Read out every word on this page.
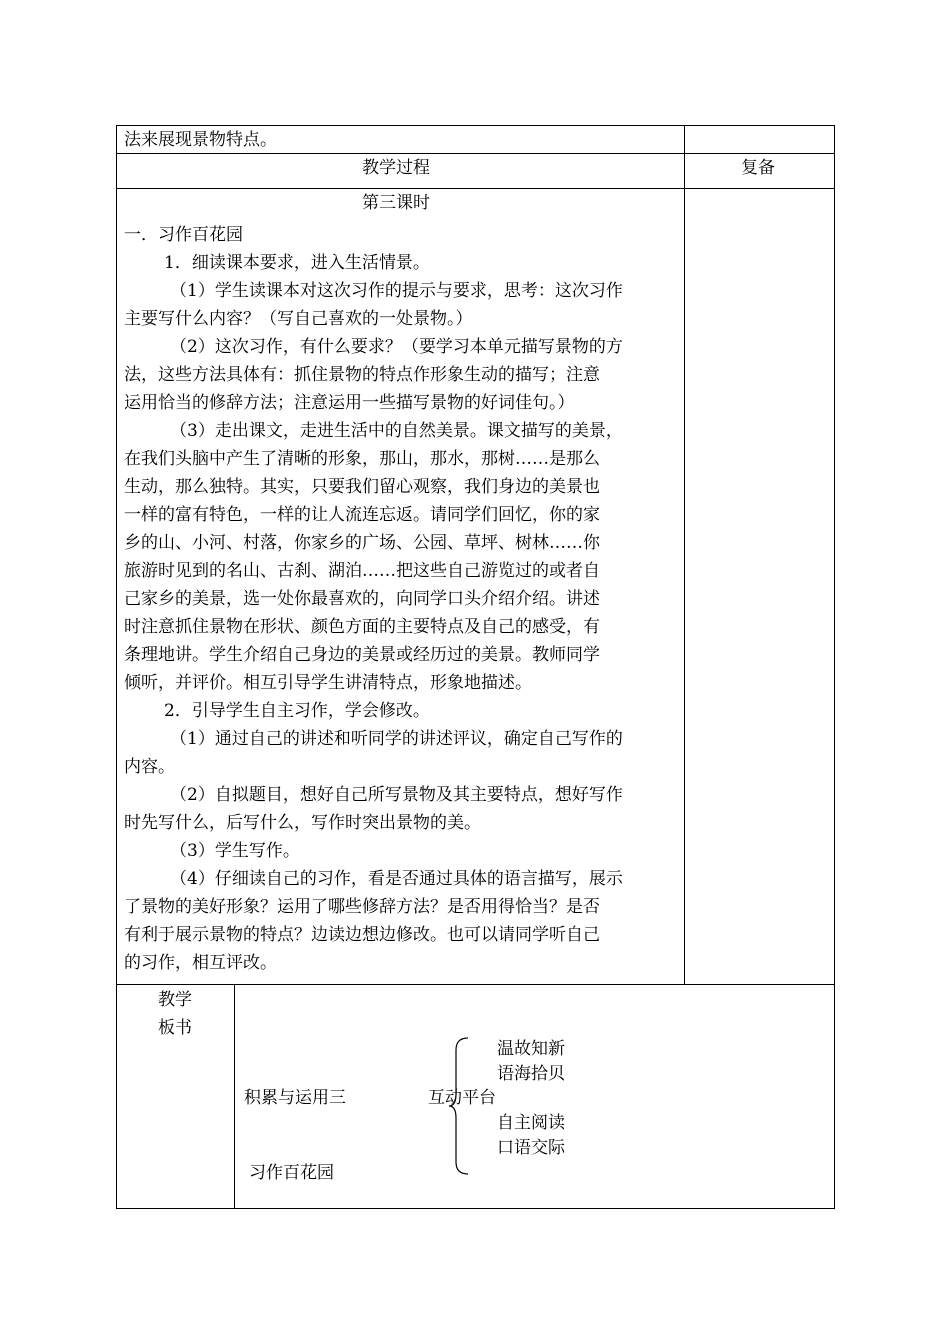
法来展现景物特点。
教学过程	复备
第三课时
一．习作百花园
1．细读课本要求，进入生活情景。
（1）学生读课本对这次习作的提示与要求，思考：这次习作
主要写什么内容？（写自己喜欢的一处景物。）
（2）这次习作，有什么要求？（要学习本单元描写景物的方
法，这些方法具体有：抓住景物的特点作形象生动的描写；注意
运用恰当的修辞方法；注意运用一些描写景物的好词佳句。）
（3）走出课文，走进生活中的自然美景。课文描写的美景，
在我们头脑中产生了清晰的形象，那山，那水，那树……是那么
生动，那么独特。其实，只要我们留心观察，我们身边的美景也
一样的富有特色，一样的让人流连忘返。请同学们回忆，你的家
乡的山、小河、村落，你家乡的广场、公园、草坪、树林……你
旅游时见到的名山、古刹、湖泊……把这些自己游览过的或者自
己家乡的美景，选一处你最喜欢的，向同学口头介绍介绍。讲述
时注意抓住景物在形状、颜色方面的主要特点及自己的感受，有
条理地讲。学生介绍自己身边的美景或经历过的美景。教师同学
倾听，并评价。相互引导学生讲清特点，形象地描述。
2．引导学生自主习作，学会修改。
（1）通过自己的讲述和听同学的讲述评议，确定自己写作的
内容。
（2）自拟题目，想好自己所写景物及其主要特点，想好写作
时先写什么，后写什么，写作时突出景物的美。
（3）学生写作。
（4）仔细读自己的习作，看是否通过具体的语言描写，展示
了景物的美好形象？运用了哪些修辞方法？是否用得恰当？是否
有利于展示景物的特点？边读边想边修改。也可以请同学听自己
的习作，相互评改。
教学
板书
积累与运用三	互动平台
温故知新
语海拾贝
自主阅读
口语交际
习作百花园
